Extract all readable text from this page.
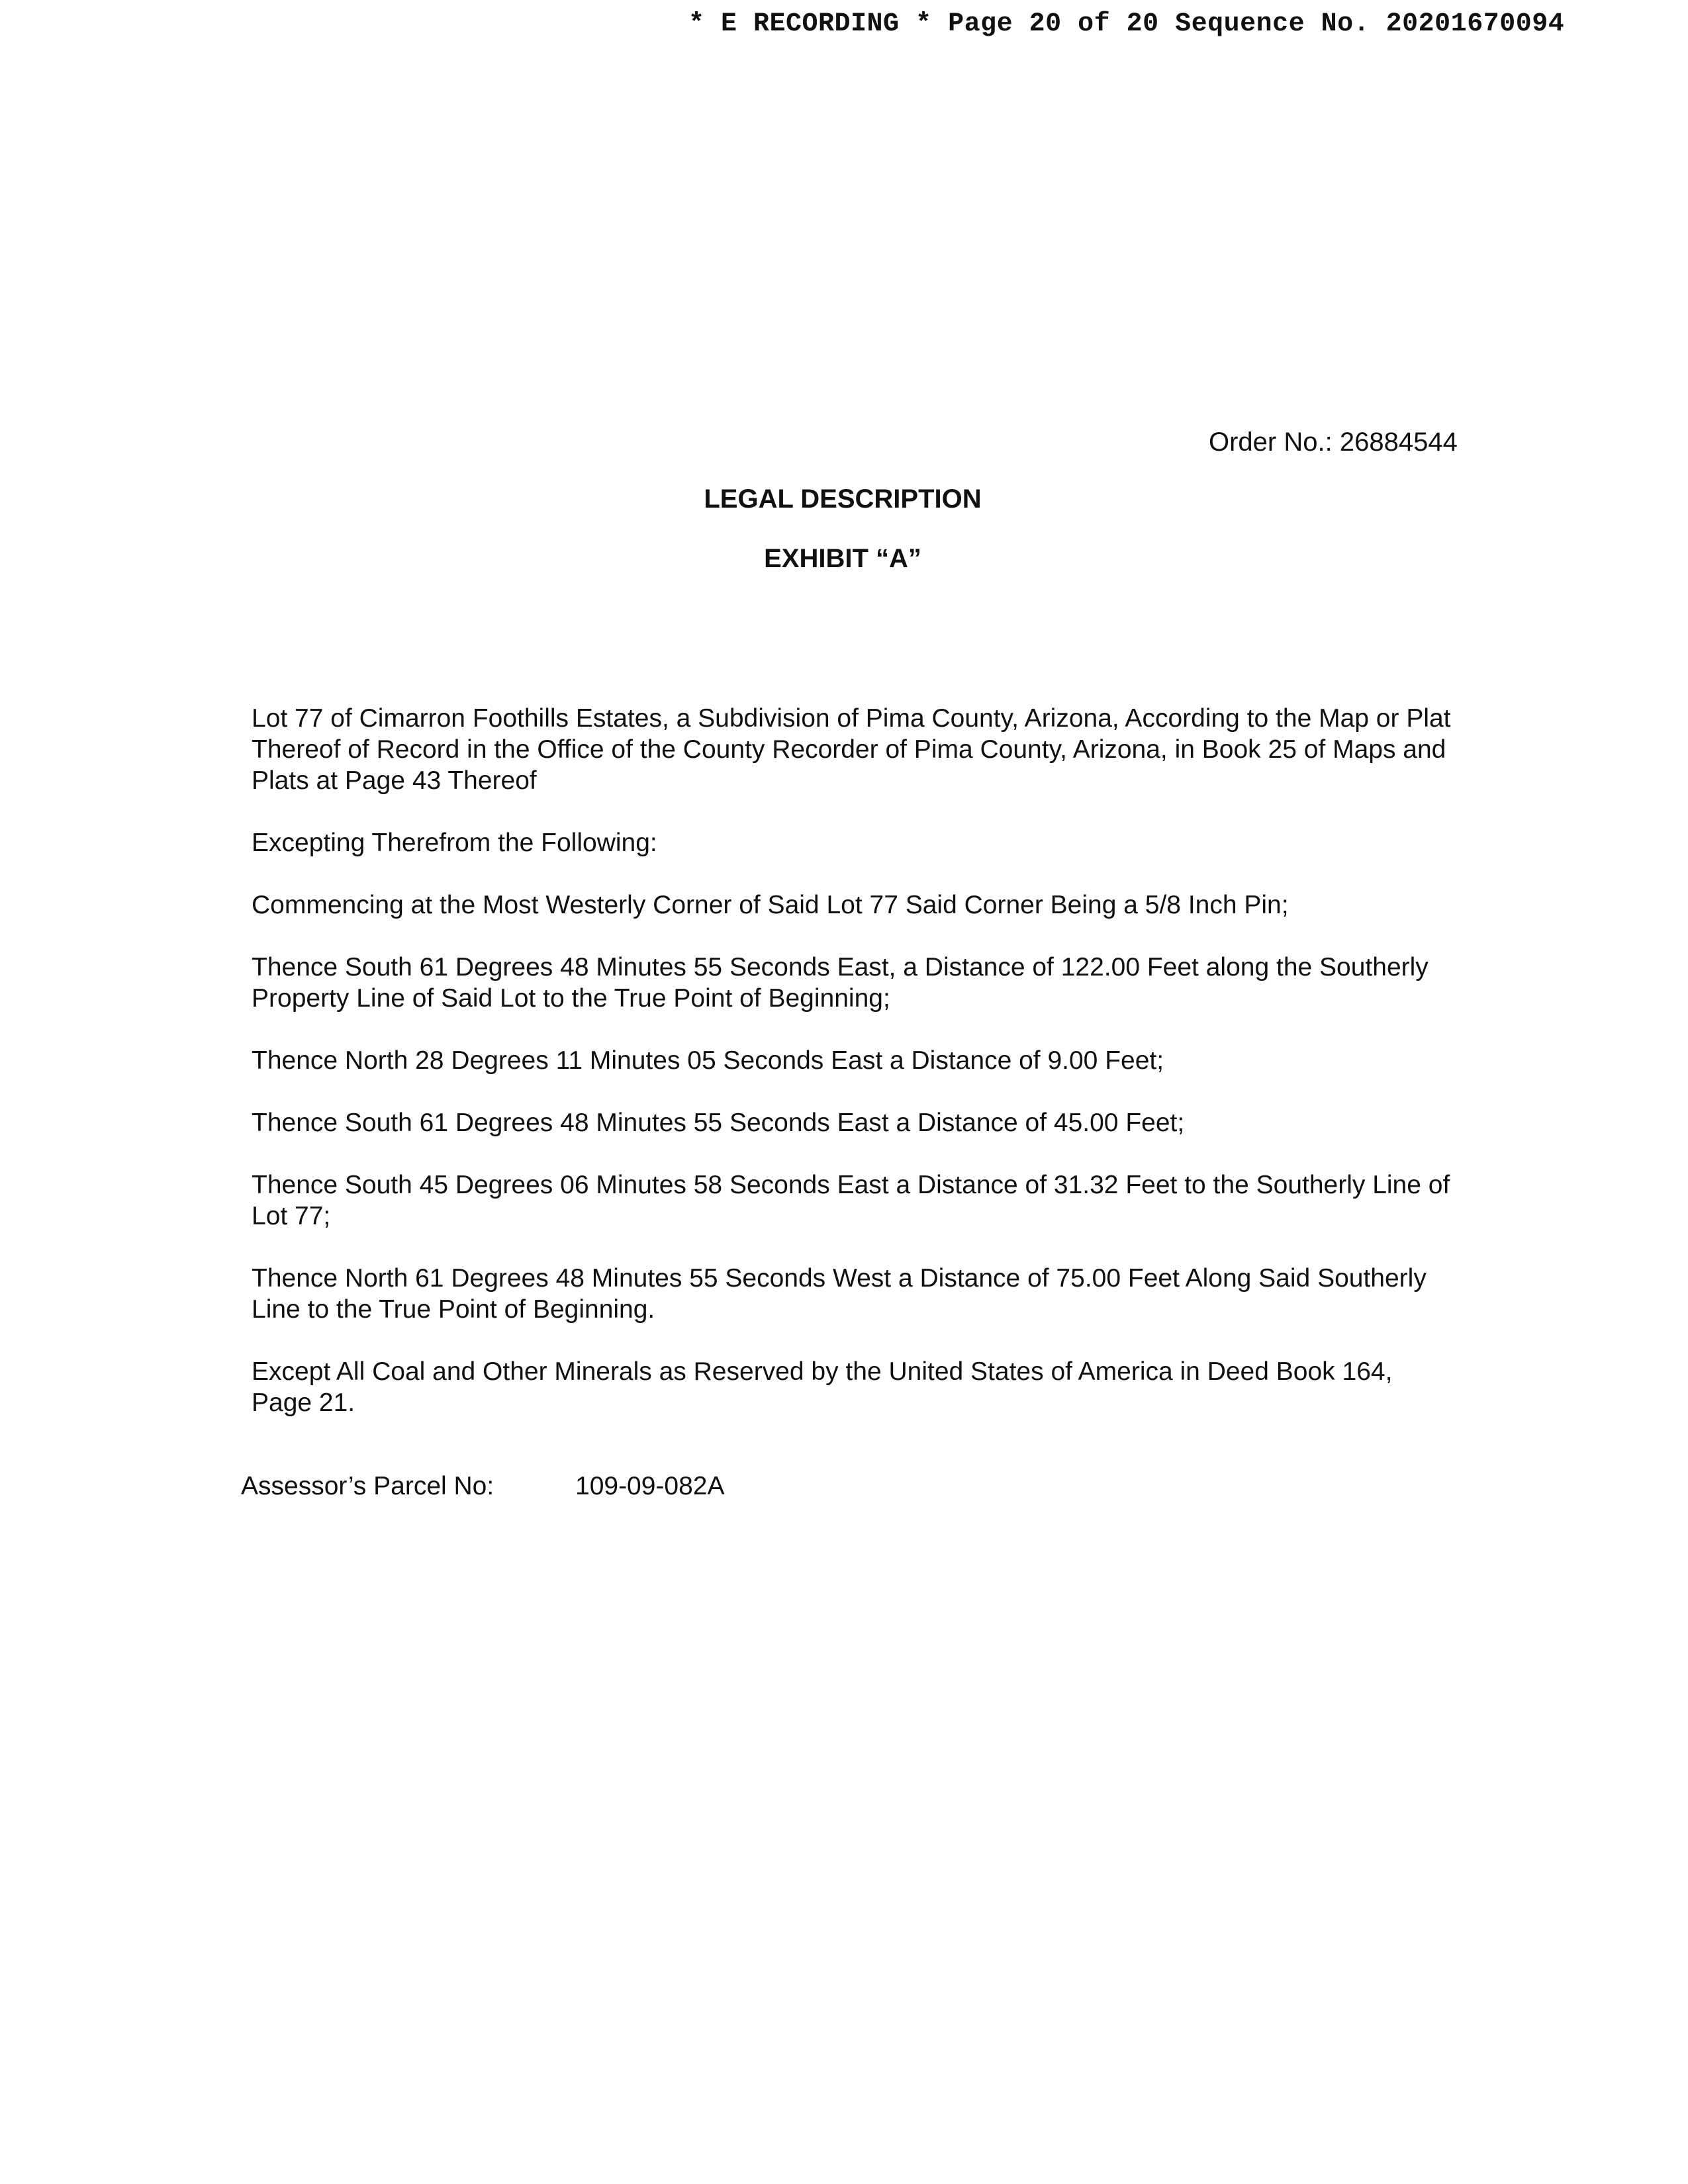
* E RECORDING * Page 20 of 20 Sequence No. 20201670094
Order No.: 26884544
LEGAL DESCRIPTION
EXHIBIT “A”

Lot 77 of Cimarron Foothills Estates, a Subdivision of Pima County, Arizona, According to the Map or Plat Thereof of Record in the Office of the County Recorder of Pima County, Arizona, in Book 25 of Maps and Plats at Page 43 Thereof

Excepting Therefrom the Following:

Commencing at the Most Westerly Corner of Said Lot 77 Said Corner Being a 5/8 Inch Pin;

Thence South 61 Degrees 48 Minutes 55 Seconds East, a Distance of 122.00 Feet along the Southerly Property Line of Said Lot to the True Point of Beginning;

Thence North 28 Degrees 11 Minutes 05 Seconds East a Distance of 9.00 Feet;

Thence South 61 Degrees 48 Minutes 55 Seconds East a Distance of 45.00 Feet;

Thence South 45 Degrees 06 Minutes 58 Seconds East a Distance of 31.32 Feet to the Southerly Line of Lot 77;

Thence North 61 Degrees 48 Minutes 55 Seconds West a Distance of 75.00 Feet Along Said Southerly Line to the True Point of Beginning.

Except All Coal and Other Minerals as Reserved by the United States of America in Deed Book 164, Page 21.

Assessor’s Parcel No:	109-09-082A
